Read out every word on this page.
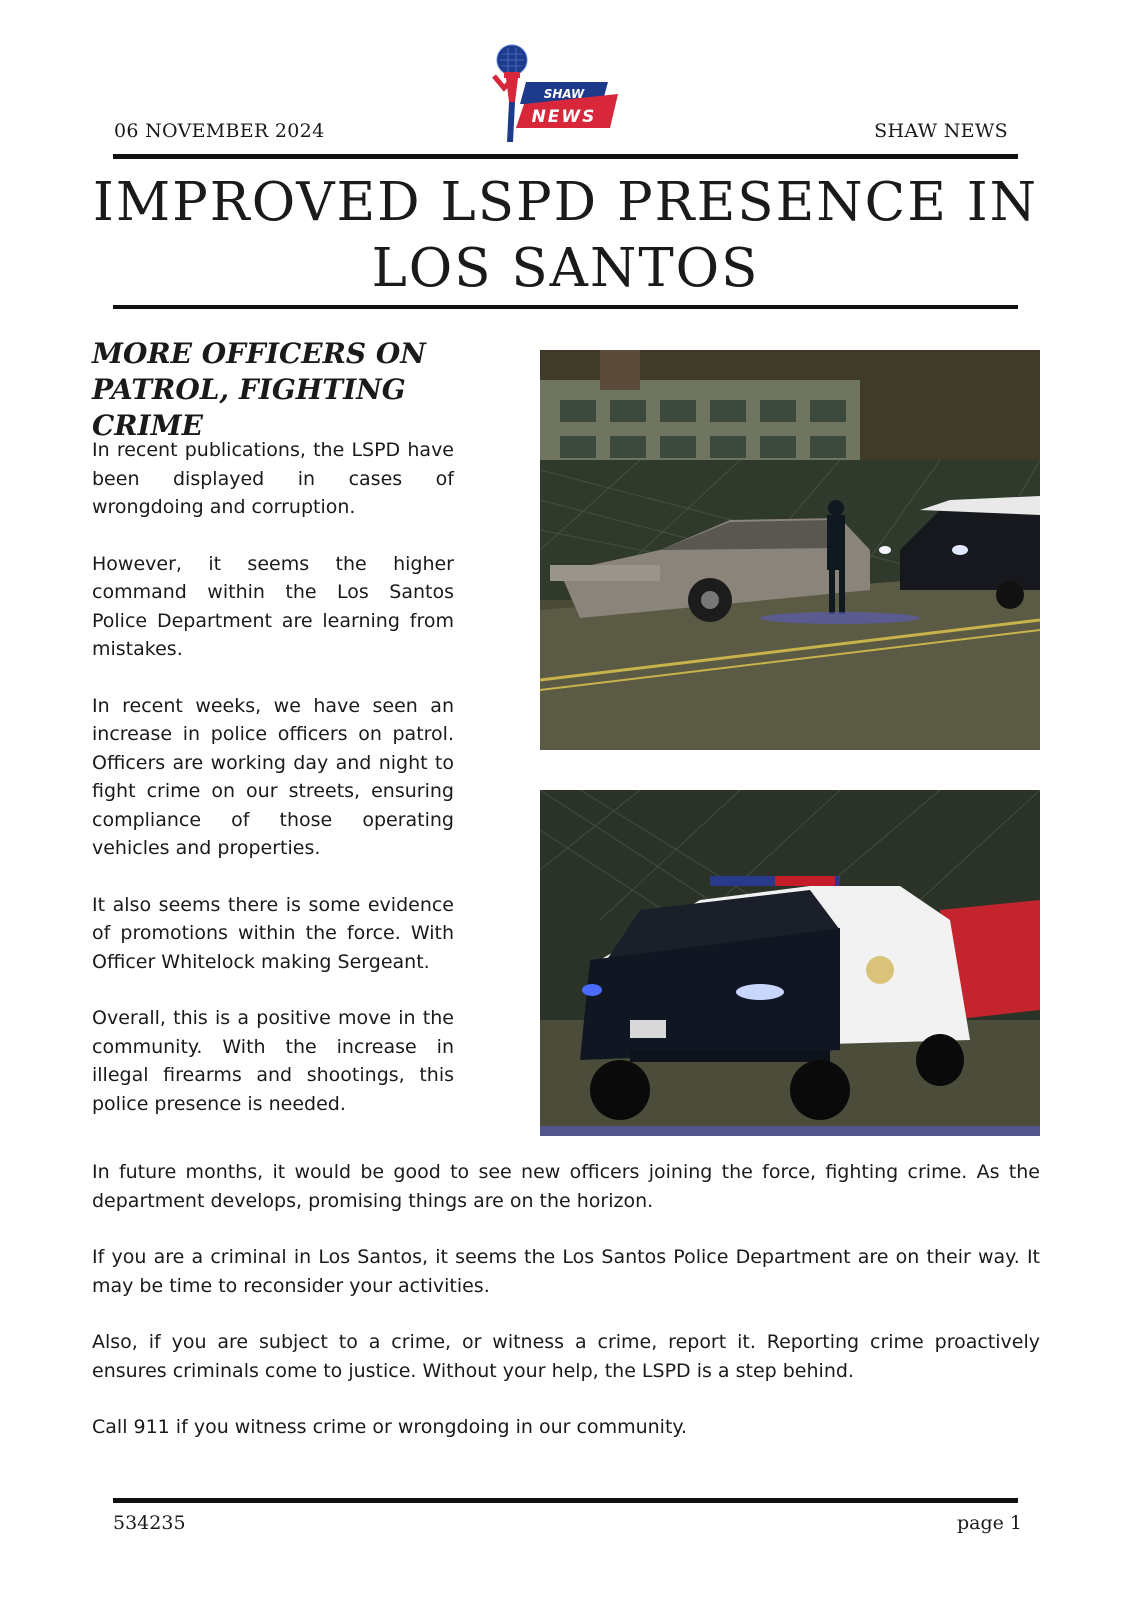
06 NOVEMBER 2024	SHAW NEWS
SHAW
NEWS
IMPROVED LSPD PRESENCE IN
LOS SANTOS
MORE OFFICERS ON
PATROL, FIGHTING CRIME

In recent publications, the LSPD have been displayed in cases of wrongdoing and corruption.

However, it seems the higher command within the Los Santos Police Department are learning from mistakes.

In recent weeks, we have seen an increase in police officers on patrol. Officers are working day and night to fight crime on our streets, ensuring compliance of those operating vehicles and properties.

It also seems there is some evidence of promotions within the force. With Officer Whitelock making Sergeant.

Overall, this is a positive move in the community. With the increase in illegal firearms and shootings, this police presence is needed.

In future months, it would be good to see new officers joining the force, fighting crime. As the department develops, promising things are on the horizon.

If you are a criminal in Los Santos, it seems the Los Santos Police Department are on their way. It may be time to reconsider your activities.

Also, if you are subject to a crime, or witness a crime, report it. Reporting crime proactively ensures criminals come to justice. Without your help, the LSPD is a step behind.

Call 911 if you witness crime or wrongdoing in our community.

534235	page 1
